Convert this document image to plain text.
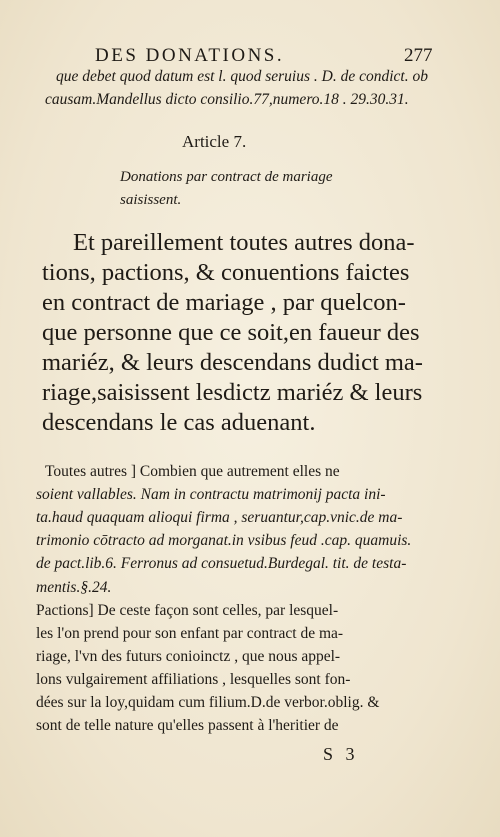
DES DONATIONS.	277
que debet quod datum est l. quod seruius . D. de condict. ob
causam.Mandellus dicto consilio.77,numero.18 . 29.30.31.
Article 7.
Donations par contract de mariage
saisissent.
Et pareillement toutes autres dona-
tions, pactions, & conuentions faictes
en contract de mariage , par quelcon-
que personne que ce soit,en faueur des
mariéz, & leurs descendans dudict ma-
riage,saisissent lesdictz mariéz & leurs
descendans le cas aduenant.
Toutes autres ] Combien que autrement elles ne
soient vallables. Nam in contractu matrimonij pacta ini-
ta.haud quaquam alioqui firma , seruantur,cap.vnic.de ma-
trimonio cōtracto ad morganat.in vsibus feud .cap. quamuis.
de pact.lib.6. Ferronus ad consuetud.Burdegal. tit. de testa-
mentis.§.24.
Pactions] De ceste façon sont celles, par lesquel-
les l'on prend pour son enfant par contract de ma-
riage, l'vn des futurs conioinctz , que nous appel-
lons vulgairement affiliations , lesquelles sont fon-
dées sur la loy,quidam cum filium.D.de verbor.oblig. &
sont de telle nature qu'elles passent à l'heritier de
S 3
